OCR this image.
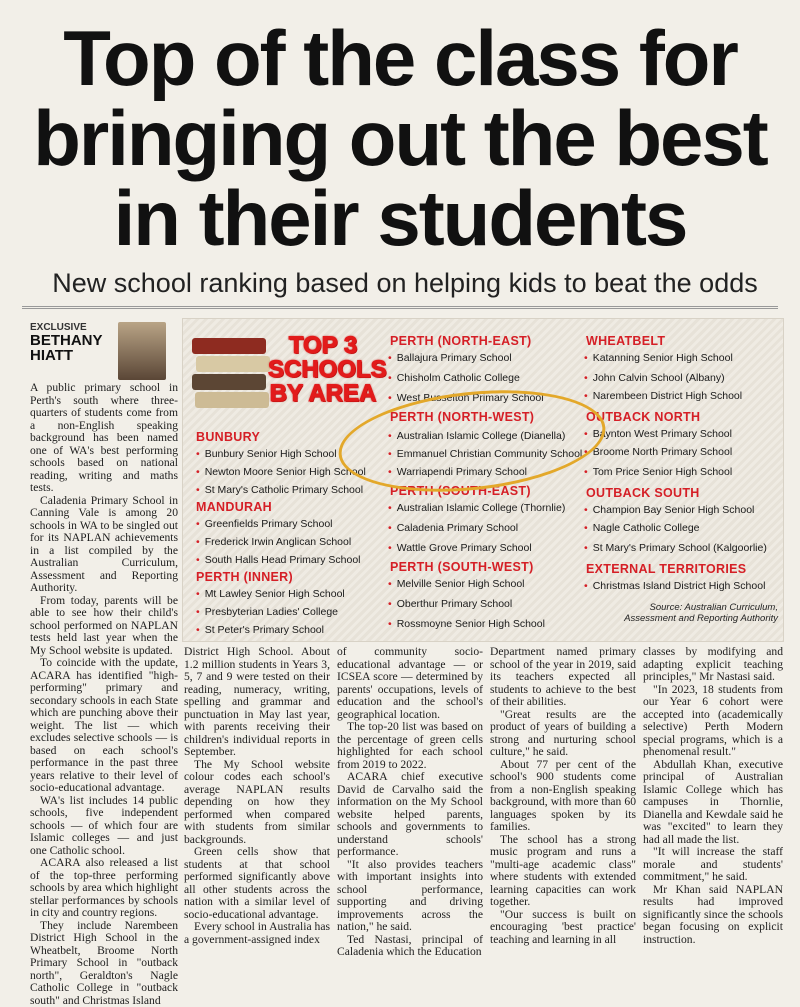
Top of the class for
bringing out the best
in their students
New school ranking based on helping kids to beat the odds
EXCLUSIVE
BETHANY
HIATT	TOP 3
SCHOOLS
BY AREA
BUNBURY
• Bunbury Senior High School
• Newton Moore Senior High School
• St Mary's Catholic Primary School
MANDURAH
• Greenfields Primary School
• Frederick Irwin Anglican School
• South Halls Head Primary School
PERTH (INNER)
• Mt Lawley Senior High School
• Presbyterian Ladies' College
• St Peter's Primary School
PERTH (NORTH-EAST)
• Ballajura Primary School
• Chisholm Catholic College
• West Busselton Primary School
PERTH (NORTH-WEST)
• Australian Islamic College (Dianella)
• Emmanuel Christian Community School
• Warriapendi Primary School
PERTH (SOUTH-EAST)
• Australian Islamic College (Thornlie)
• Caladenia Primary School
• Wattle Grove Primary School
PERTH (SOUTH-WEST)
• Melville Senior High School
• Oberthur Primary School
• Rossmoyne Senior High School
WHEATBELT
• Katanning Senior High School
• John Calvin School (Albany)
• Narembeen District High School
OUTBACK NORTH
• Baynton West Primary School
• Broome North Primary School
• Tom Price Senior High School
OUTBACK SOUTH
• Champion Bay Senior High School
• Nagle Catholic College
• St Mary's Primary School (Kalgoorlie)
EXTERNAL TERRITORIES
• Christmas Island District High School
Source: Australian Curriculum, Assessment and Reporting Authority

A public primary school in Perth's south where three-quarters of students come from a non-English speaking background has been named one of WA's best performing schools based on national reading, writing and maths tests.

Caladenia Primary School in Canning Vale is among 20 schools in WA to be singled out for its NAPLAN achievements in a list compiled by the Australian Curriculum, Assessment and Reporting Authority.

From today, parents will be able to see how their child's school performed on NAPLAN tests held last year when the My School website is updated.

To coincide with the update, ACARA has identified "high-performing" primary and secondary schools in each State which are punching above their weight. The list — which excludes selective schools — is based on each school's performance in the past three years relative to their level of socio-educational advantage.

WA's list includes 14 public schools, five independent schools — of which four are Islamic colleges — and just one Catholic school.

ACARA also released a list of the top-three performing schools by area which highlight stellar performances by schools in city and country regions.

They include Narembeen District High School in the Wheatbelt, Broome North Primary School in "outback north", Geraldton's Nagle Catholic College in "outback south" and Christmas Island

District High School. About 1.2 million students in Years 3, 5, 7 and 9 were tested on their reading, numeracy, writing, spelling and grammar and punctuation in May last year, with parents receiving their children's individual reports in September.

The My School website colour codes each school's average NAPLAN results depending on how they performed when compared with students from similar backgrounds.

Green cells show that students at that school performed significantly above all other students across the nation with a similar level of socio-educational advantage.

Every school in Australia has a government-assigned index

of community socio-educational advantage — or ICSEA score — determined by parents' occupations, levels of education and the school's geographical location.

The top-20 list was based on the percentage of green cells highlighted for each school from 2019 to 2022.

ACARA chief executive David de Carvalho said the information on the My School website helped parents, schools and governments to understand schools' performance.

"It also provides teachers with important insights into school performance, supporting and driving improvements across the nation," he said.

Ted Nastasi, principal of Caladenia which the Education

Department named primary school of the year in 2019, said its teachers expected all students to achieve to the best of their abilities.

"Great results are the product of years of building a strong and nurturing school culture," he said.

About 77 per cent of the school's 900 students come from a non-English speaking background, with more than 60 languages spoken by its families.

The school has a strong music program and runs a "multi-age academic class" where students with extended learning capacities can work together.

"Our success is built on encouraging 'best practice' teaching and learning in all

classes by modifying and adapting explicit teaching principles," Mr Nastasi said.

"In 2023, 18 students from our Year 6 cohort were accepted into (academically selective) Perth Modern special programs, which is a phenomenal result."

Abdullah Khan, executive principal of Australian Islamic College which has campuses in Thornlie, Dianella and Kewdale said he was "excited" to learn they had all made the list.

"It will increase the staff morale and students' commitment," he said.

Mr Khan said NAPLAN results had improved significantly since the schools began focusing on explicit instruction.
